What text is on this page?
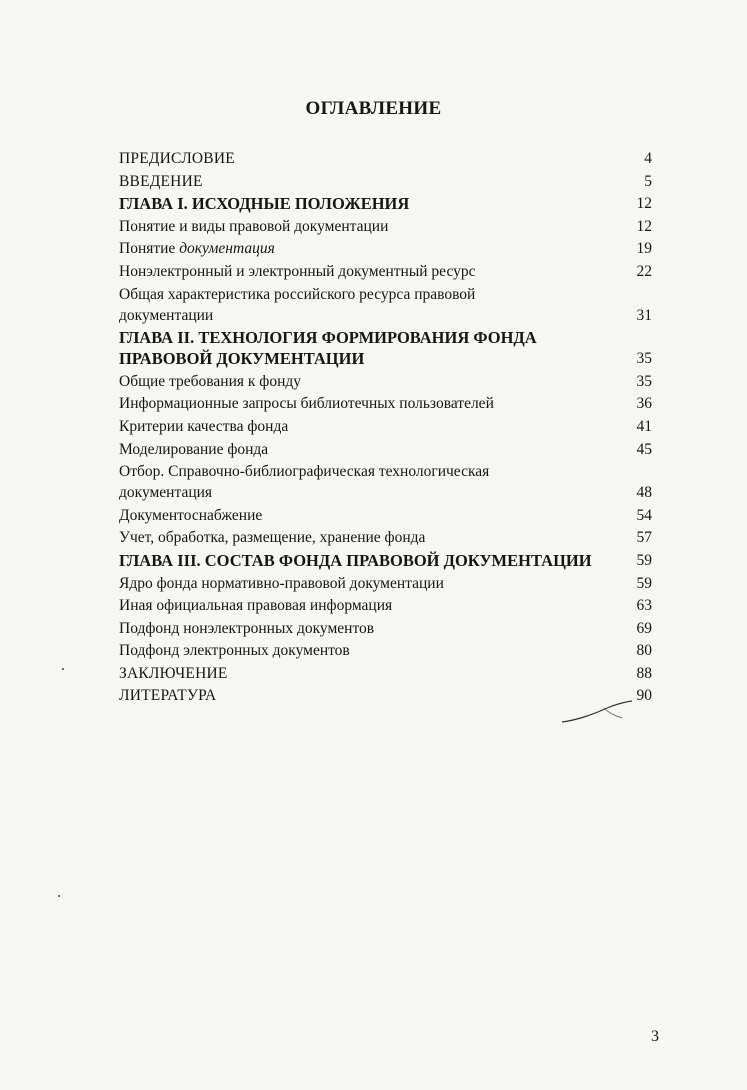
ОГЛАВЛЕНИЕ
ПРЕДИСЛОВИЕ	4
ВВЕДЕНИЕ	5
ГЛАВА I. ИСХОДНЫЕ ПОЛОЖЕНИЯ	12
Понятие и виды правовой документации	12
Понятие документация	19
Нонэлектронный и электронный документный ресурс	22
Общая характеристика российского ресурса правовой
документации	31
ГЛАВА II. ТЕХНОЛОГИЯ ФОРМИРОВАНИЯ ФОНДА
ПРАВОВОЙ ДОКУМЕНТАЦИИ	35
Общие требования к фонду	35
Информационные запросы библиотечных пользователей	36
Критерии качества фонда	41
Моделирование фонда	45
Отбор. Справочно-библиографическая технологическая
документация	48
Документоснабжение	54
Учет, обработка, размещение, хранение фонда	57
ГЛАВА III. СОСТАВ ФОНДА ПРАВОВОЙ ДОКУМЕНТАЦИИ	59
Ядро фонда нормативно-правовой документации	59
Иная официальная правовая информация	63
Подфонд нонэлектронных документов	69
Подфонд электронных документов	80
ЗАКЛЮЧЕНИЕ	88
ЛИТЕРАТУРА	90
3
